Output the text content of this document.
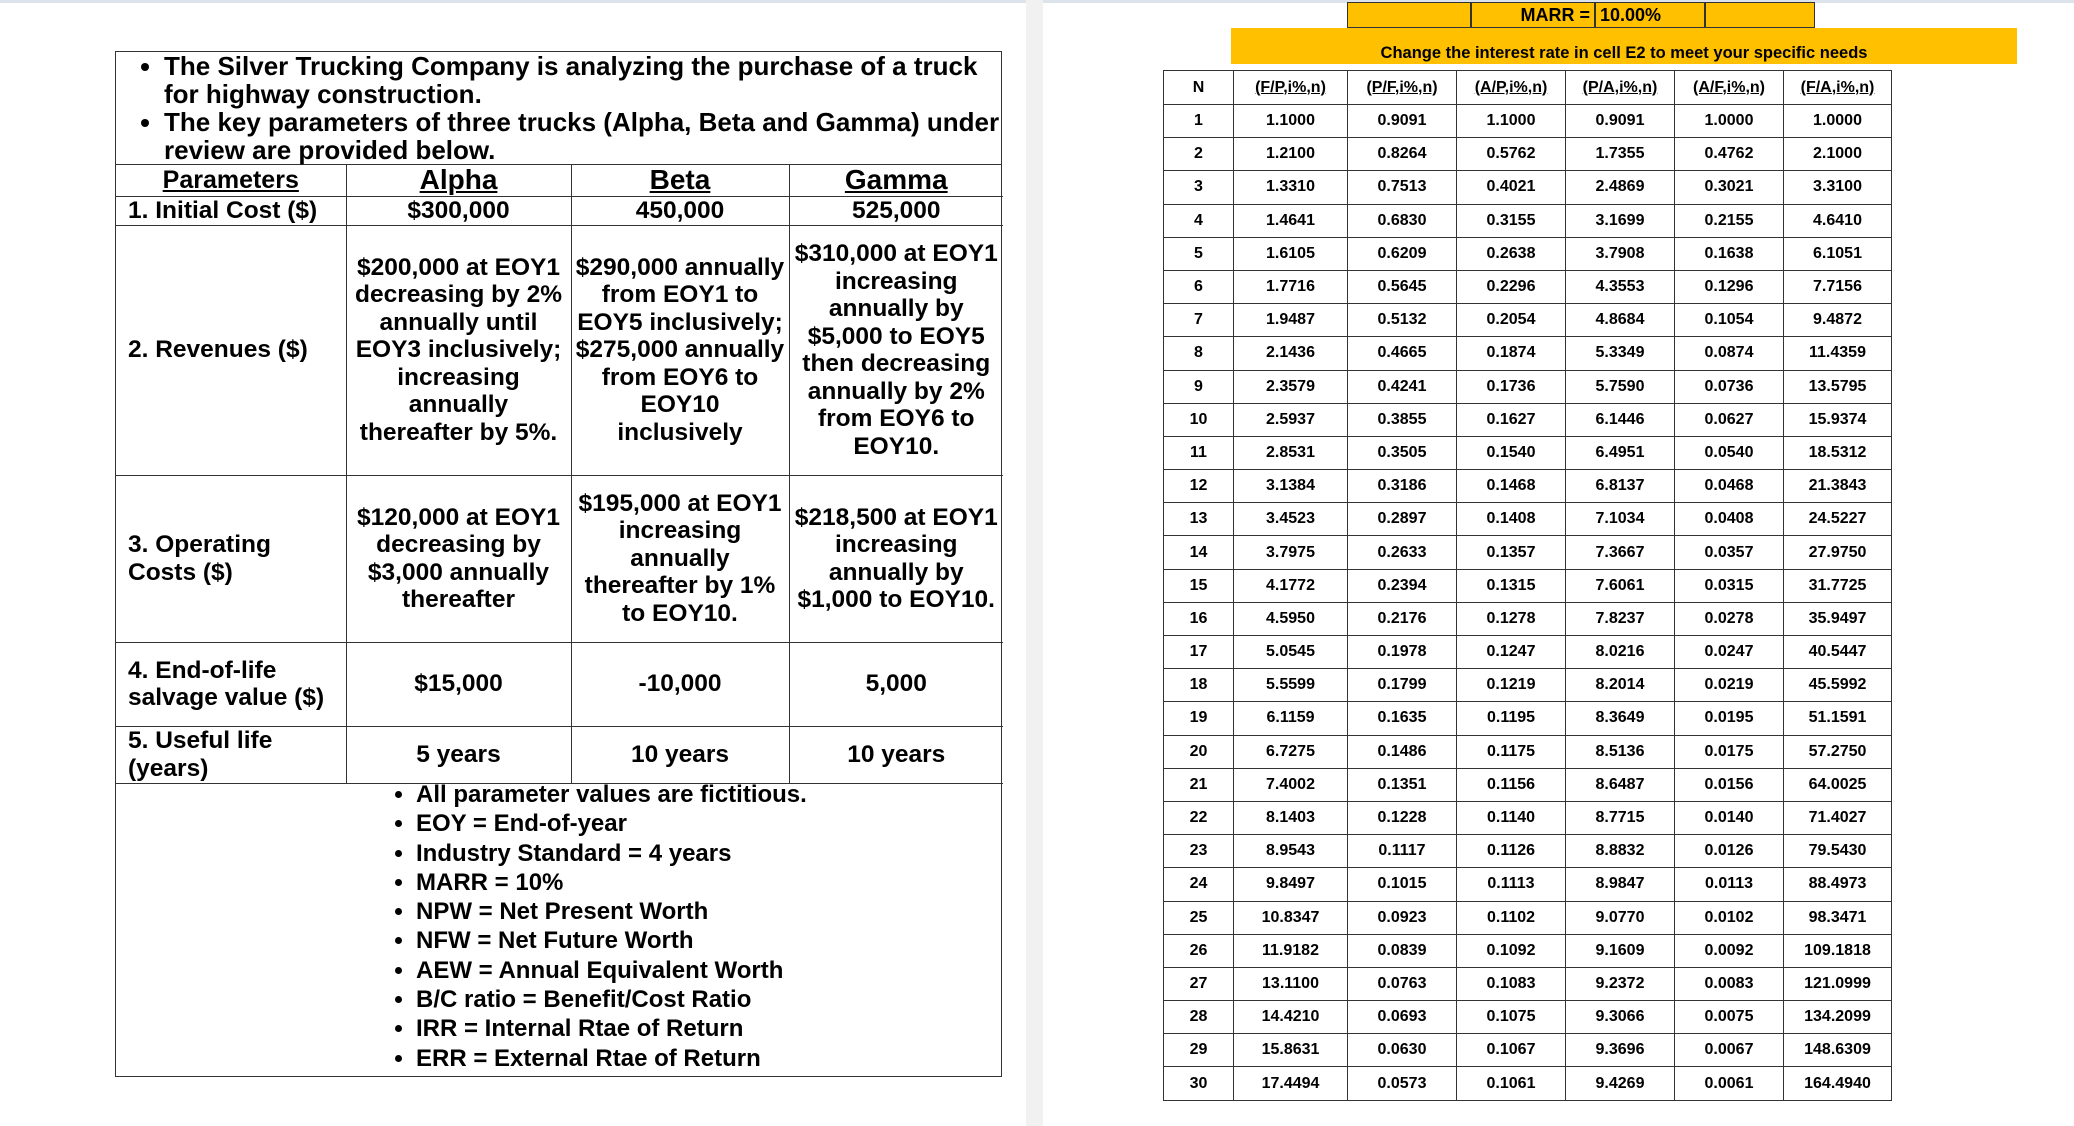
• The Silver Trucking Company is analyzing the purchase of a truck for highway construction.
• The key parameters of three trucks (Alpha, Beta and Gamma) under review are provided below.
Parameters	Alpha	Beta	Gamma
1. Initial Cost ($)	$300,000	450,000	525,000
2. Revenues ($)	$200,000 at EOY1 decreasing by 2% annually until EOY3 inclusively; increasing annually thereafter by 5%.	$290,000 annually from EOY1 to EOY5 inclusively; $275,000 annually from EOY6 to EOY10 inclusively	$310,000 at EOY1 increasing annually by $5,000 to EOY5 then decreasing annually by 2% from EOY6 to EOY10.
3. Operating Costs ($)	$120,000 at EOY1 decreasing by $3,000 annually thereafter	$195,000 at EOY1 increasing annually thereafter by 1% to EOY10.	$218,500 at EOY1 increasing annually by $1,000 to EOY10.
4. End-of-life salvage value ($)	$15,000	-10,000	5,000
5. Useful life (years)	5 years	10 years	10 years
• All parameter values are fictitious.
• EOY = End-of-year
• Industry Standard = 4 years
• MARR = 10%
• NPW = Net Present Worth
• NFW = Net Future Worth
• AEW = Annual Equivalent Worth
• B/C ratio = Benefit/Cost Ratio
• IRR = Internal Rtae of Return
• ERR = External Rtae of Return
MARR = 10.00%
Change the interest rate in cell E2 to meet your specific needs
N	(F/P,i%,n)	(P/F,i%,n)	(A/P,i%,n)	(P/A,i%,n)	(A/F,i%,n)	(F/A,i%,n)
1	1.1000	0.9091	1.1000	0.9091	1.0000	1.0000
2	1.2100	0.8264	0.5762	1.7355	0.4762	2.1000
3	1.3310	0.7513	0.4021	2.4869	0.3021	3.3100
4	1.4641	0.6830	0.3155	3.1699	0.2155	4.6410
5	1.6105	0.6209	0.2638	3.7908	0.1638	6.1051
6	1.7716	0.5645	0.2296	4.3553	0.1296	7.7156
7	1.9487	0.5132	0.2054	4.8684	0.1054	9.4872
8	2.1436	0.4665	0.1874	5.3349	0.0874	11.4359
9	2.3579	0.4241	0.1736	5.7590	0.0736	13.5795
10	2.5937	0.3855	0.1627	6.1446	0.0627	15.9374
11	2.8531	0.3505	0.1540	6.4951	0.0540	18.5312
12	3.1384	0.3186	0.1468	6.8137	0.0468	21.3843
13	3.4523	0.2897	0.1408	7.1034	0.0408	24.5227
14	3.7975	0.2633	0.1357	7.3667	0.0357	27.9750
15	4.1772	0.2394	0.1315	7.6061	0.0315	31.7725
16	4.5950	0.2176	0.1278	7.8237	0.0278	35.9497
17	5.0545	0.1978	0.1247	8.0216	0.0247	40.5447
18	5.5599	0.1799	0.1219	8.2014	0.0219	45.5992
19	6.1159	0.1635	0.1195	8.3649	0.0195	51.1591
20	6.7275	0.1486	0.1175	8.5136	0.0175	57.2750
21	7.4002	0.1351	0.1156	8.6487	0.0156	64.0025
22	8.1403	0.1228	0.1140	8.7715	0.0140	71.4027
23	8.9543	0.1117	0.1126	8.8832	0.0126	79.5430
24	9.8497	0.1015	0.1113	8.9847	0.0113	88.4973
25	10.8347	0.0923	0.1102	9.0770	0.0102	98.3471
26	11.9182	0.0839	0.1092	9.1609	0.0092	109.1818
27	13.1100	0.0763	0.1083	9.2372	0.0083	121.0999
28	14.4210	0.0693	0.1075	9.3066	0.0075	134.2099
29	15.8631	0.0630	0.1067	9.3696	0.0067	148.6309
30	17.4494	0.0573	0.1061	9.4269	0.0061	164.4940
